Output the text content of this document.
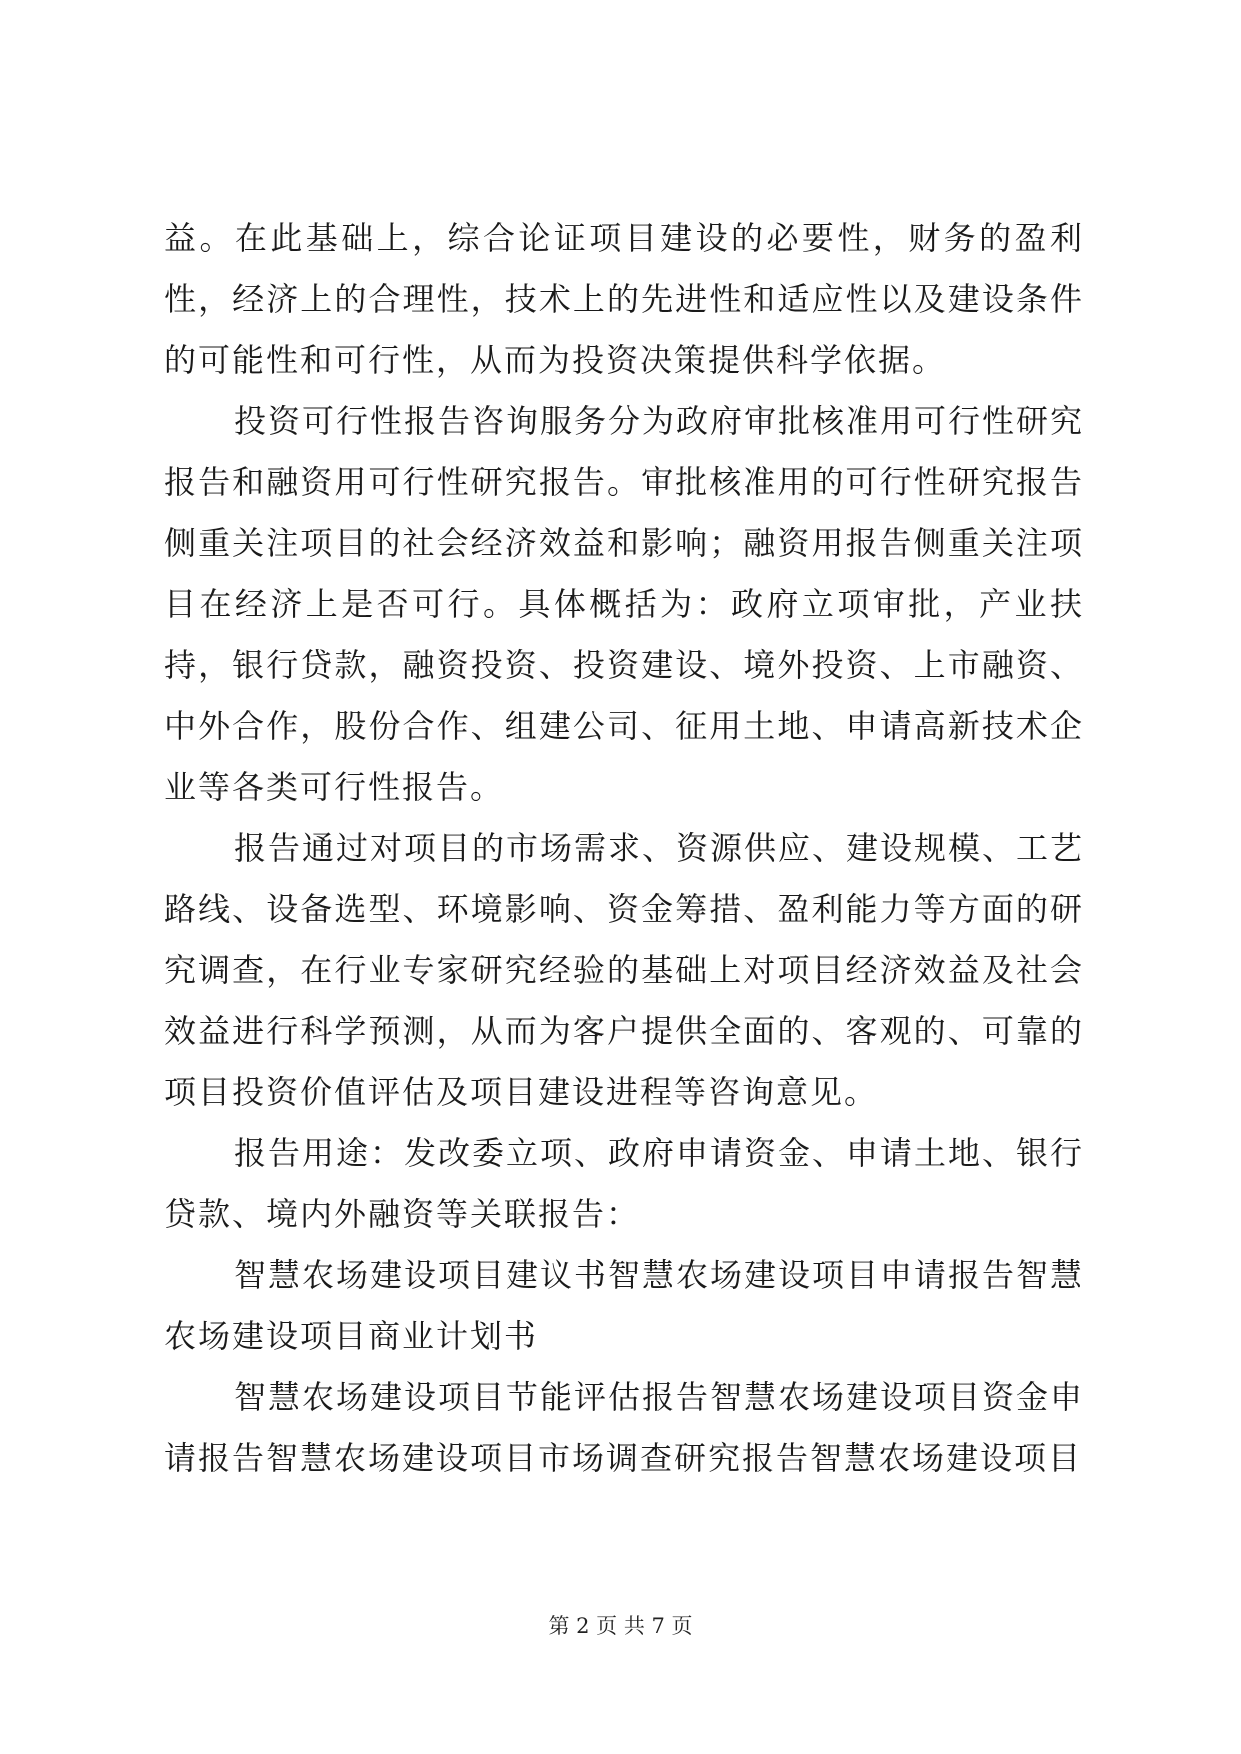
益。在此基础上，综合论证项目建设的必要性，财务的盈利性，经济上的合理性，技术上的先进性和适应性以及建设条件的可能性和可行性，从而为投资决策提供科学依据。

投资可行性报告咨询服务分为政府审批核准用可行性研究报告和融资用可行性研究报告。审批核准用的可行性研究报告侧重关注项目的社会经济效益和影响；融资用报告侧重关注项目在经济上是否可行。具体概括为：政府立项审批，产业扶持，银行贷款，融资投资、投资建设、境外投资、上市融资、中外合作，股份合作、组建公司、征用土地、申请高新技术企业等各类可行性报告。

报告通过对项目的市场需求、资源供应、建设规模、工艺路线、设备选型、环境影响、资金筹措、盈利能力等方面的研究调查，在行业专家研究经验的基础上对项目经济效益及社会效益进行科学预测，从而为客户提供全面的、客观的、可靠的项目投资价值评估及项目建设进程等咨询意见。

报告用途：发改委立项、政府申请资金、申请土地、银行贷款、境内外融资等关联报告：

智慧农场建设项目建议书智慧农场建设项目申请报告智慧农场建设项目商业计划书

智慧农场建设项目节能评估报告智慧农场建设项目资金申请报告智慧农场建设项目市场调查研究报告智慧农场建设项目

第 2 页 共 7 页
